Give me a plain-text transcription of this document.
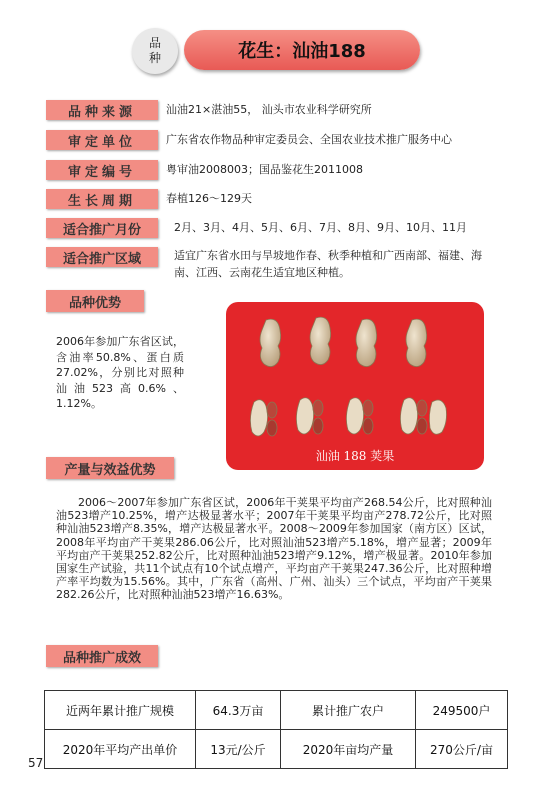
品
种	花生：汕油188
品种来源	汕油21×湛油55， 汕头市农业科学研究所
审定单位	广东省农作物品种审定委员会、全国农业技术推广服务中心
审定编号	粤审油2008003；国品鉴花生2011008
生长周期	春植126～129天
适合推广月份	2月、3月、4月、5月、6月、7月、8月、9月、10月、11月
适合推广区域	适宜广东省水田与旱坡地作春、秋季种植和广西南部、福建、海南、江西、云南花生适宜地区种植。
品种优势
2006年参加广东省区试，含油率50.8%、蛋白质27.02%，分别比对照种汕油523高0.6%、1.12%。
汕油 188 荚果
产量与效益优势
2006～2007年参加广东省区试，2006年干荚果平均亩产268.54公斤，比对照种汕油523增产10.25%，增产达极显著水平；2007年干荚果平均亩产278.72公斤，比对照种汕油523增产8.35%，增产达极显著水平。2008～2009年参加国家（南方区）区试，2008年平均亩产干荚果286.06公斤，比对照汕油523增产5.18%，增产显著；2009年平均亩产干荚果252.82公斤，比对照种汕油523增产9.12%，增产极显著。2010年参加国家生产试验，共11个试点有10个试点增产，平均亩产干荚果247.36公斤，比对照种增产率平均数为15.56%。其中，广东省（高州、广州、汕头）三个试点，平均亩产干荚果282.26公斤，比对照种汕油523增产16.63%。
品种推广成效
近两年累计推广规模	64.3万亩	累计推广农户	249500户
2020年平均产出单价	13元/公斤	2020年亩均产量	270公斤/亩
57
